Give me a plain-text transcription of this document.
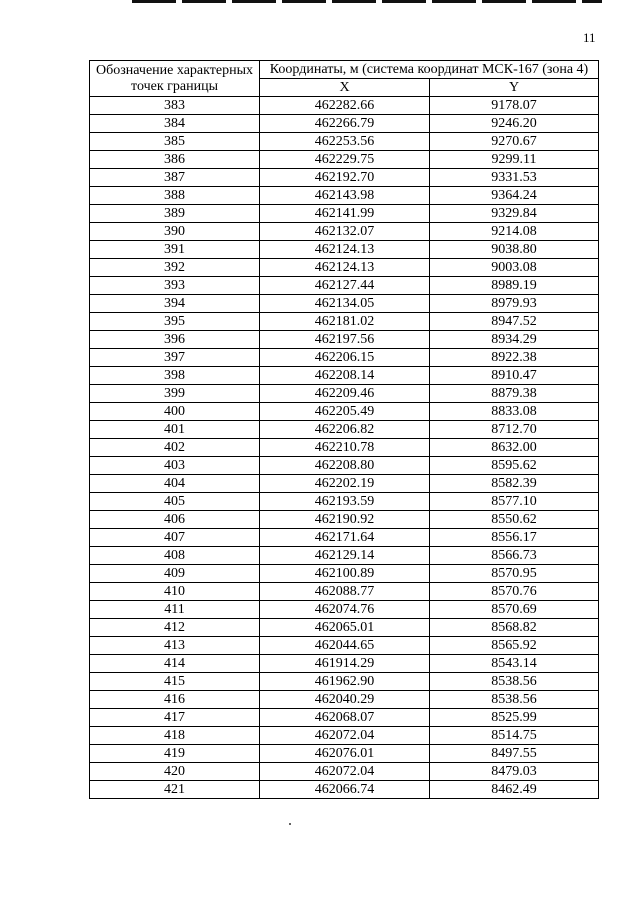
11
Обозначение характерных точек границы	Координаты, м (система координат МСК-167 (зона 4)	
	X	Y
383	462282.66	9178.07
384	462266.79	9246.20
385	462253.56	9270.67
386	462229.75	9299.11
387	462192.70	9331.53
388	462143.98	9364.24
389	462141.99	9329.84
390	462132.07	9214.08
391	462124.13	9038.80
392	462124.13	9003.08
393	462127.44	8989.19
394	462134.05	8979.93
395	462181.02	8947.52
396	462197.56	8934.29
397	462206.15	8922.38
398	462208.14	8910.47
399	462209.46	8879.38
400	462205.49	8833.08
401	462206.82	8712.70
402	462210.78	8632.00
403	462208.80	8595.62
404	462202.19	8582.39
405	462193.59	8577.10
406	462190.92	8550.62
407	462171.64	8556.17
408	462129.14	8566.73
409	462100.89	8570.95
410	462088.77	8570.76
411	462074.76	8570.69
412	462065.01	8568.82
413	462044.65	8565.92
414	461914.29	8543.14
415	461962.90	8538.56
416	462040.29	8538.56
417	462068.07	8525.99
418	462072.04	8514.75
419	462076.01	8497.55
420	462072.04	8479.03
421	462066.74	8462.49
